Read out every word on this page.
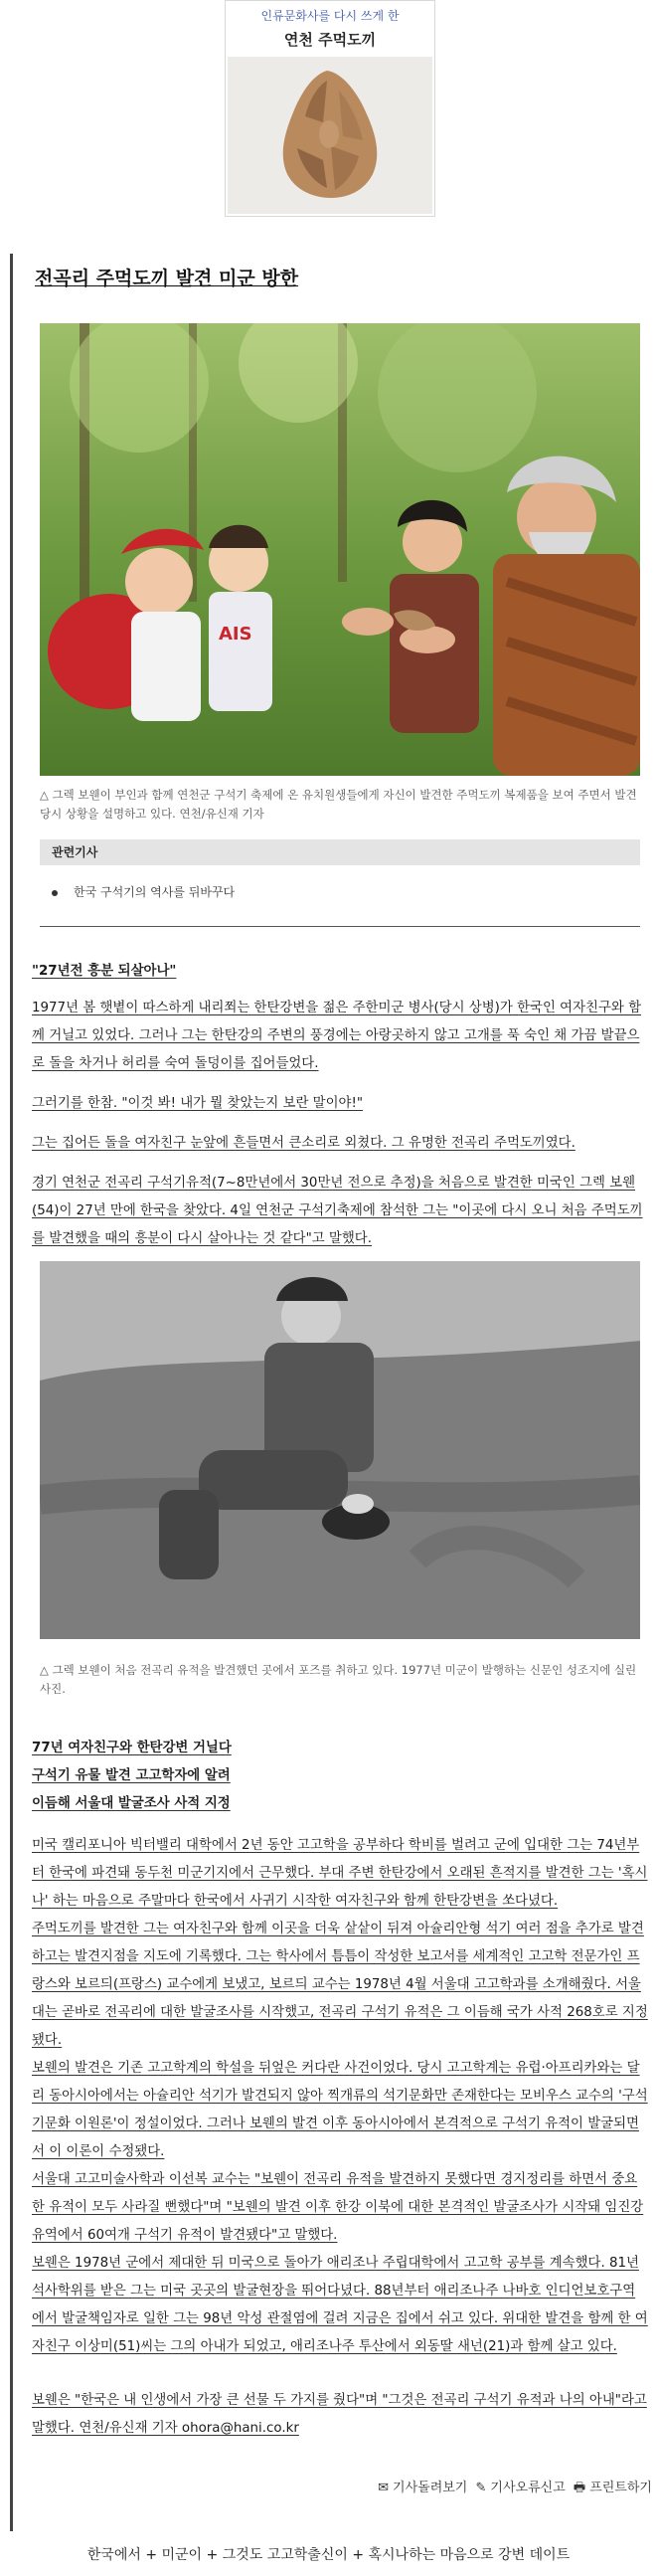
인류문화사를 다시 쓰게 한
연천 주먹도끼
전곡리 주먹도끼 발견 미군 방한
AIS
△ 그렉 보웬이 부인과 함께 연천군 구석기 축제에 온 유치원생들에게 자신이 발견한 주먹도끼 복제품을 보여 주면서 발견 당시 상황을 설명하고 있다. 연천/유신재 기자
관련기사
한국 구석기의 역사를 뒤바꾸다
"27년전 흥분 되살아나"
1977년 봄 햇볕이 따스하게 내리쬐는 한탄강변을 젊은 주한미군 병사(당시 상병)가 한국인 여자친구와 함께 거닐고 있었다. 그러나 그는 한탄강의 주변의 풍경에는 아랑곳하지 않고 고개를 푹 숙인 채 가끔 발끝으로 돌을 차거나 허리를 숙여 돌덩이를 집어들었다.
그러기를 한참. "이것 봐! 내가 뭘 찾았는지 보란 말이야!"
그는 집어든 돌을 여자친구 눈앞에 흔들면서 큰소리로 외쳤다. 그 유명한 전곡리 주먹도끼였다.
경기 연천군 전곡리 구석기유적(7~8만년에서 30만년 전으로 추정)을 처음으로 발견한 미국인 그렉 보웬(54)이 27년 만에 한국을 찾았다. 4일 연천군 구석기축제에 참석한 그는 "이곳에 다시 오니 처음 주먹도끼를 발견했을 때의 흥분이 다시 살아나는 것 같다"고 말했다.
△ 그렉 보웬이 처음 전곡리 유적을 발견했던 곳에서 포즈를 취하고 있다. 1977년 미군이 발행하는 신문인 성조지에 실린 사진.
77년 여자친구와 한탄강변 거닐다
구석기 유물 발견 고고학자에 알려
이듬해 서울대 발굴조사 사적 지정
미국 캘리포니아 빅터밸리 대학에서 2년 동안 고고학을 공부하다 학비를 벌려고 군에 입대한 그는 74년부터 한국에 파견돼 동두천 미군기지에서 근무했다. 부대 주변 한탄강에서 오래된 흔적지를 발견한 그는 '혹시나' 하는 마음으로 주말마다 한국에서 사귀기 시작한 여자친구와 함께 한탄강변을 쏘다녔다.
주먹도끼를 발견한 그는 여자친구와 함께 이곳을 더욱 샅샅이 뒤져 아슐리안형 석기 여러 점을 추가로 발견하고는 발견지점을 지도에 기록했다. 그는 학사에서 틈틈이 작성한 보고서를 세계적인 고고학 전문가인 프랑스와 보르듸(프랑스) 교수에게 보냈고, 보르듸 교수는 1978년 4월 서울대 고고학과를 소개해줬다. 서울대는 곧바로 전곡리에 대한 발굴조사를 시작했고, 전곡리 구석기 유적은 그 이듬해 국가 사적 268호로 지정됐다.
보웬의 발견은 기존 고고학계의 학설을 뒤엎은 커다란 사건이었다. 당시 고고학계는 유럽·아프리카와는 달리 동아시아에서는 아슐리안 석기가 발견되지 않아 찍개류의 석기문화만 존재한다는 모비우스 교수의 '구석기문화 이원론'이 정설이었다. 그러나 보웬의 발견 이후 동아시아에서 본격적으로 구석기 유적이 발굴되면서 이 이론이 수정됐다.
서울대 고고미술사학과 이선복 교수는 "보웬이 전곡리 유적을 발견하지 못했다면 경지정리를 하면서 중요한 유적이 모두 사라질 뻔했다"며 "보웬의 발견 이후 한강 이북에 대한 본격적인 발굴조사가 시작돼 임진강 유역에서 60여개 구석기 유적이 발견됐다"고 말했다.
보웬은 1978년 군에서 제대한 뒤 미국으로 돌아가 애리조나 주립대학에서 고고학 공부를 계속했다. 81년 석사학위를 받은 그는 미국 곳곳의 발굴현장을 뛰어다녔다. 88년부터 애리조나주 나바호 인디언보호구역에서 발굴책임자로 일한 그는 98년 악성 관절염에 걸려 지금은 집에서 쉬고 있다. 위대한 발견을 함께 한 여자친구 이상미(51)씨는 그의 아내가 되었고, 애리조나주 투산에서 외동딸 새넌(21)과 함께 살고 있다.
보웬은 "한국은 내 인생에서 가장 큰 선물 두 가지를 줬다"며 "그것은 전곡리 구석기 유적과 나의 아내"라고 말했다. 연천/유신재 기자 ohora@hani.co.kr
✉ 기사돌려보기 ✎ 기사오류신고 🖶 프린트하기
한국에서 + 미군이 + 그것도 고고학출신이 + 혹시나하는 마음으로 강변 데이트
